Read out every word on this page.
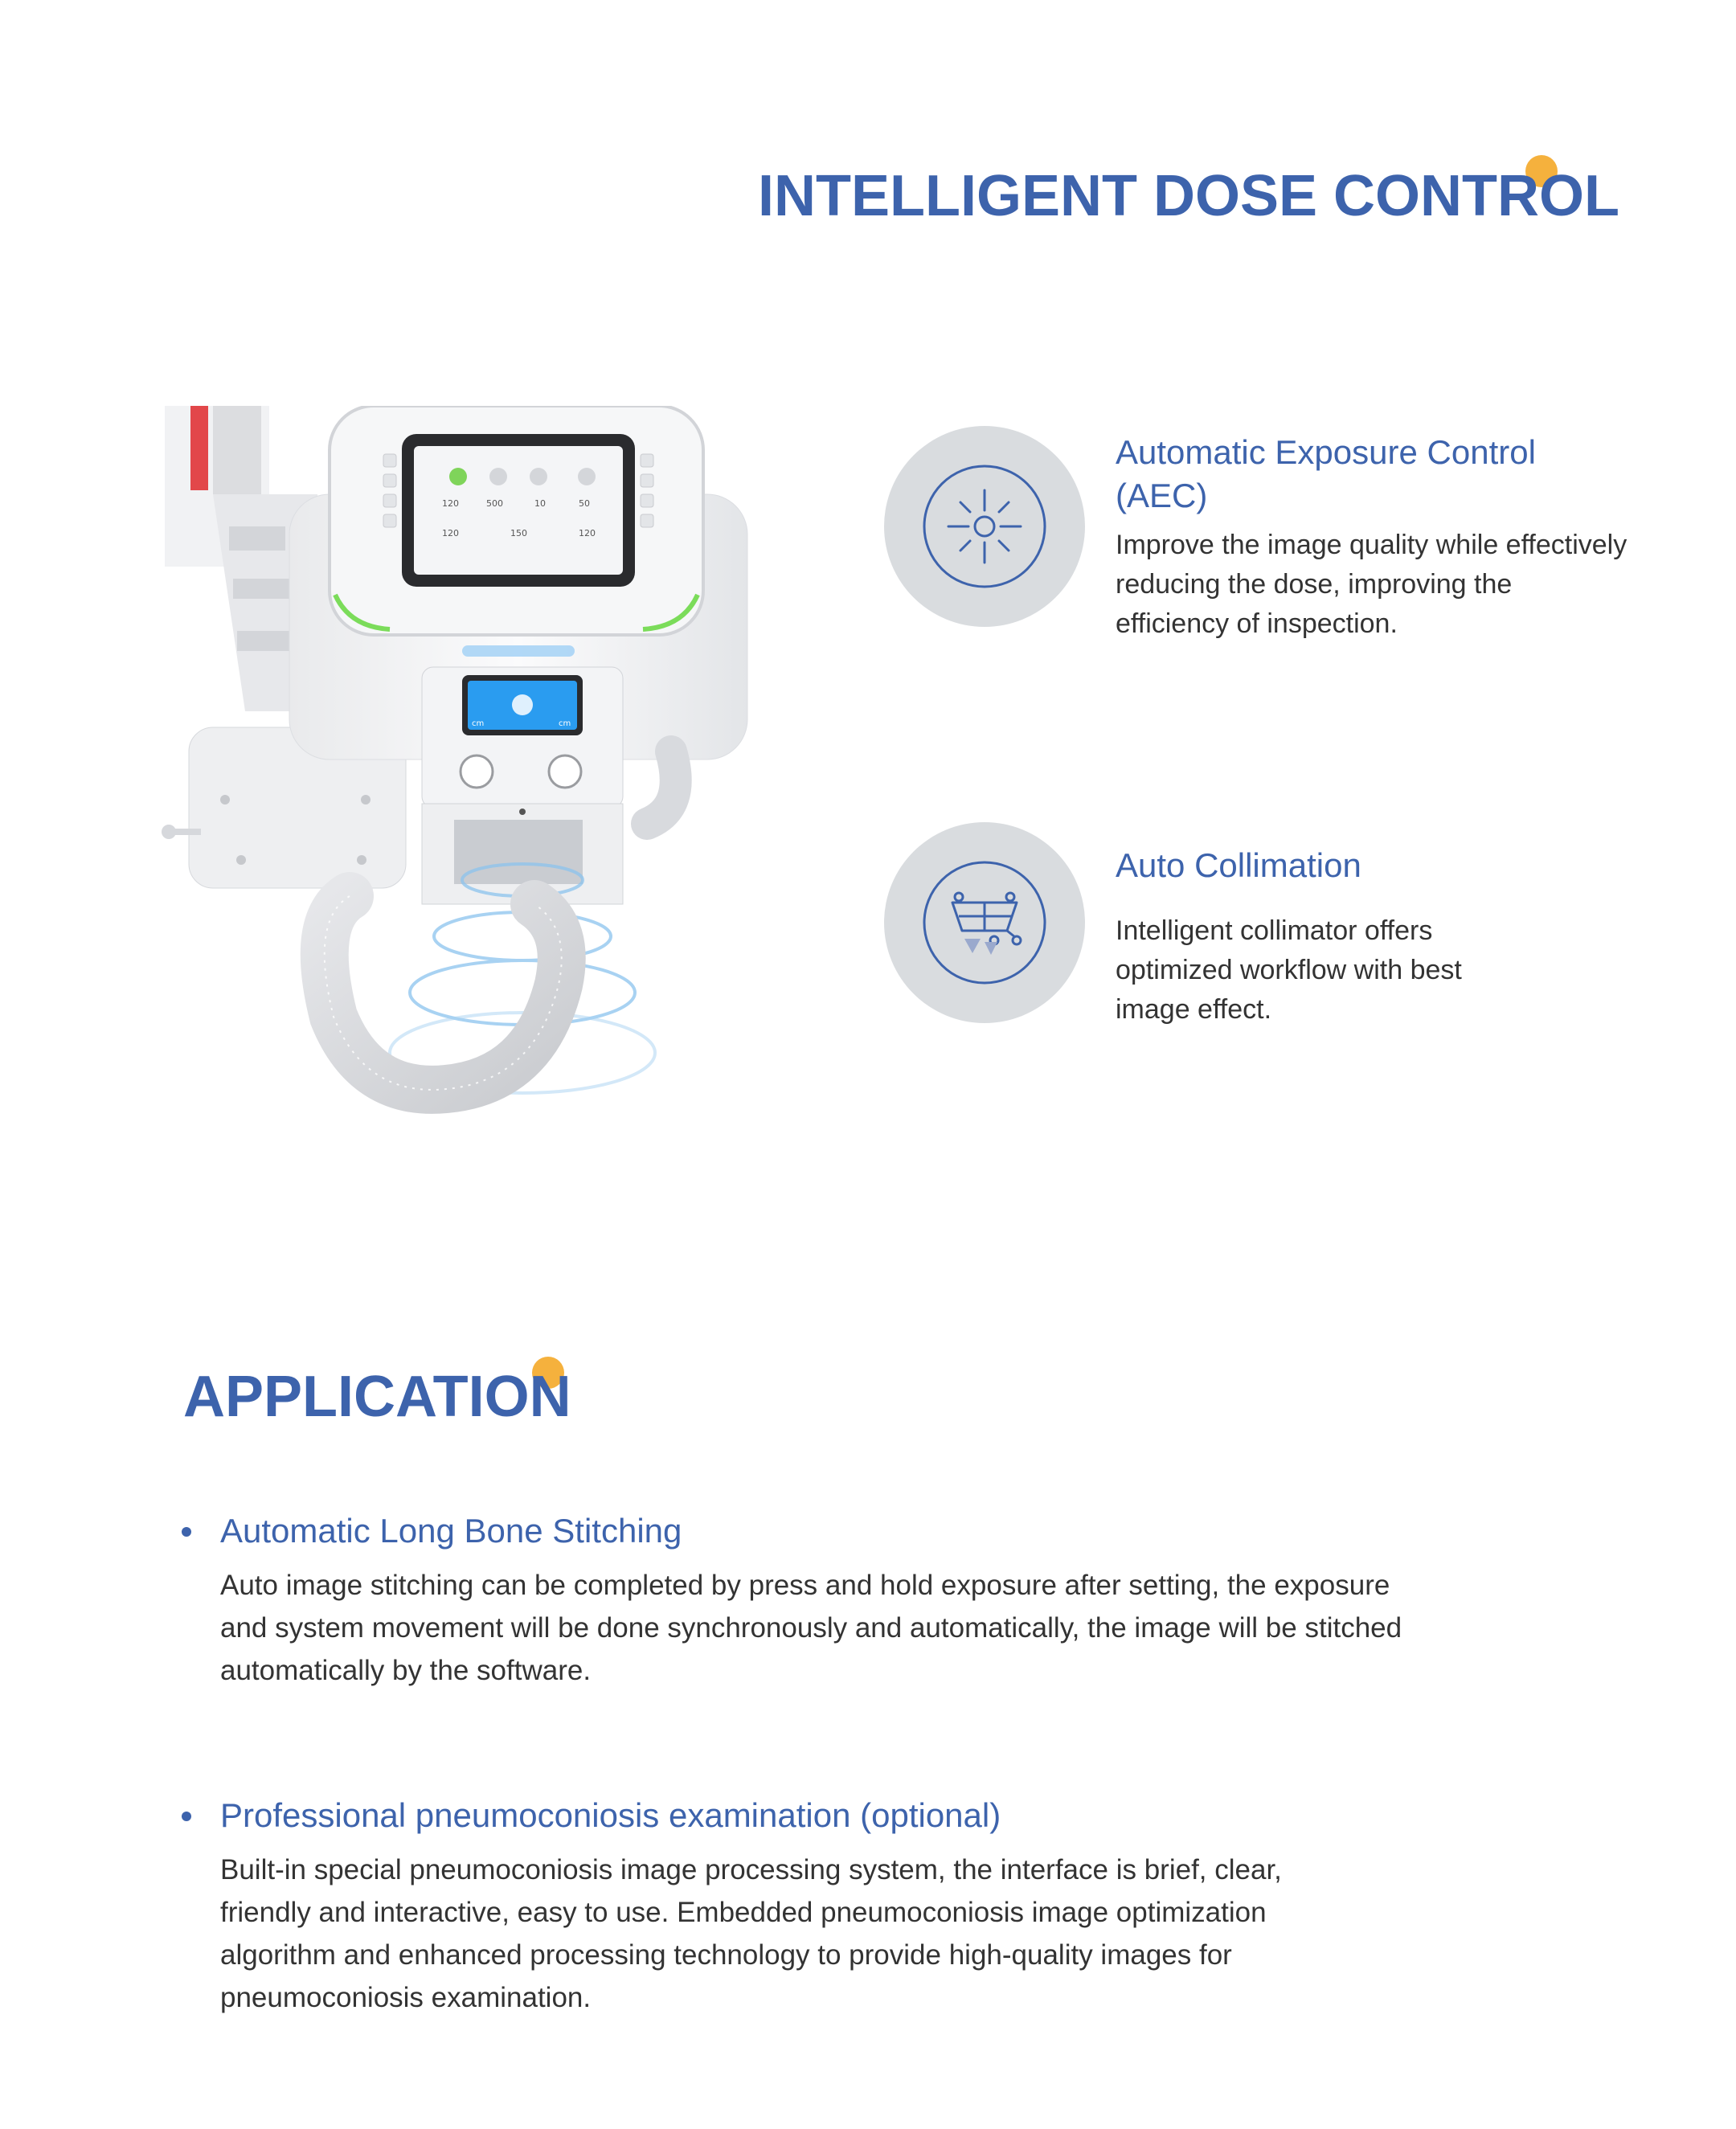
INTELLIGENT DOSE CONTROL
120	500	10	50
120	150	120
cm	cm

Automatic Exposure Control (AEC)

Improve the image quality while effectively reducing the dose, improving the efficiency of inspection.

Auto Collimation

Intelligent collimator offers optimized workflow with best image effect.

APPLICATION

Automatic Long Bone Stitching

Auto image stitching can be completed by press and hold exposure after setting, the exposure and system movement will be done synchronously and automatically, the image will be stitched automatically by the software.

Professional pneumoconiosis examination (optional)

Built-in special pneumoconiosis image processing system, the interface is brief, clear, friendly and interactive, easy to use. Embedded pneumoconiosis image optimization algorithm and enhanced processing technology to provide high-quality images for pneumoconiosis examination.
